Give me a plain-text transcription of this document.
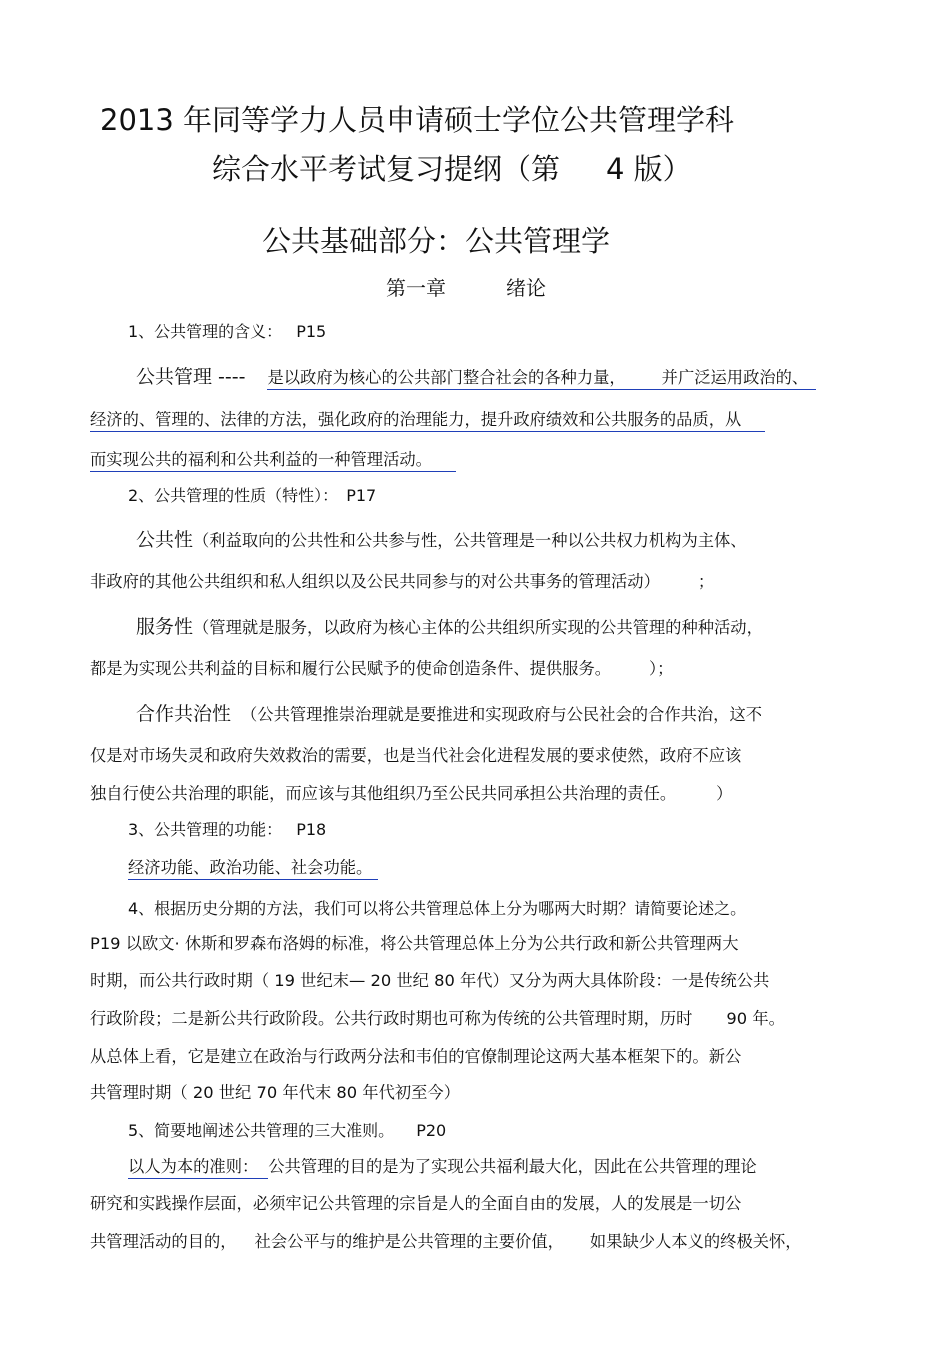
2013 年同等学力人员申请硕士学位公共管理学科
综合水平考试复习提纲（第 4 版）
公共基础部分：公共管理学
第一章	绪论
1、公共管理的含义： P15
公共管理 ---- 是以政府为核心的公共部门整合社会的各种力量， 并广泛运用政治的、
经济的、管理的、法律的方法，强化政府的治理能力，提升政府绩效和公共服务的品质，从
而实现公共的福利和公共利益的一种管理活动。
2、公共管理的性质（特性）： P17
公共性（利益取向的公共性和公共参与性，公共管理是一种以公共权力机构为主体、
非政府的其他公共组织和私人组织以及公民共同参与的对公共事务的管理活动） ；
服务性（管理就是服务，以政府为核心主体的公共组织所实现的公共管理的种种活动，
都是为实现公共利益的目标和履行公民赋予的使命创造条件、提供服务。 ）；
合作共治性 （公共管理推崇治理就是要推进和实现政府与公民社会的合作共治，这不
仅是对市场失灵和政府失效救治的需要，也是当代社会化进程发展的要求使然，政府不应该
独自行使公共治理的职能，而应该与其他组织乃至公民共同承担公共治理的责任。 ）
3、公共管理的功能： P18
经济功能、政治功能、社会功能。
4、根据历史分期的方法，我们可以将公共管理总体上分为哪两大时期？请简要论述之。
P19 以欧文· 休斯和罗森布洛姆的标准，将公共管理总体上分为公共行政和新公共管理两大
时期，而公共行政时期（ 19 世纪末— 20 世纪 80 年代）又分为两大具体阶段：一是传统公共
行政阶段；二是新公共行政阶段。公共行政时期也可称为传统的公共管理时期，历时 90 年。
从总体上看，它是建立在政治与行政两分法和韦伯的官僚制理论这两大基本框架下的。新公
共管理时期（ 20 世纪 70 年代末 80 年代初至今）
5、简要地阐述公共管理的三大准则。 P20
以人为本的准则： 公共管理的目的是为了实现公共福利最大化，因此在公共管理的理论
研究和实践操作层面，必须牢记公共管理的宗旨是人的全面自由的发展，人的发展是一切公
共管理活动的目的， 社会公平与的维护是公共管理的主要价值， 如果缺少人本义的终极关怀，
